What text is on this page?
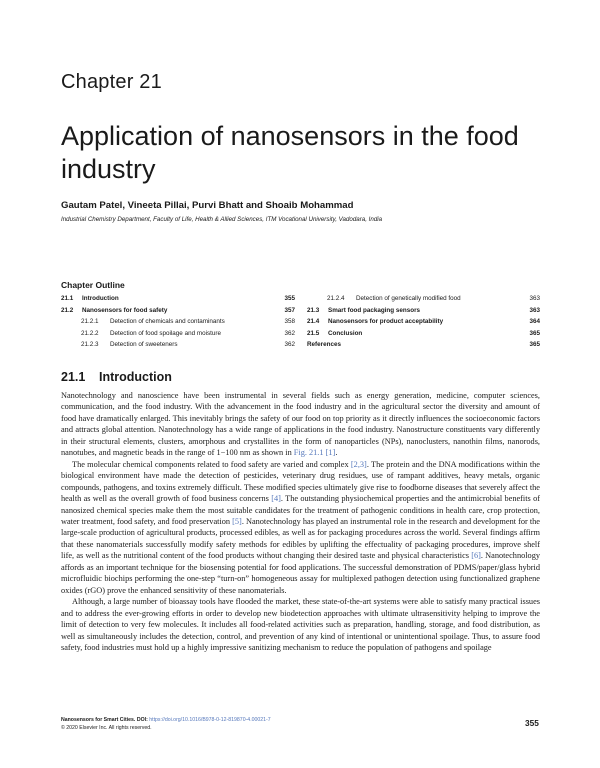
Chapter 21
Application of nanosensors in the food industry
Gautam Patel, Vineeta Pillai, Purvi Bhatt and Shoaib Mohammad
Industrial Chemistry Department, Faculty of Life, Health & Allied Sciences, ITM Vocational University, Vadodara, India
Chapter Outline
21.1	Introduction	355
21.2	Nanosensors for food safety	357
21.2.1	Detection of chemicals and contaminants	358
21.2.2	Detection of food spoilage and moisture	362
21.2.3	Detection of sweeteners	362
21.2.4	Detection of genetically modified food	363
21.3	Smart food packaging sensors	363
21.4	Nanosensors for product acceptability	364
21.5	Conclusion	365
References	365
21.1 Introduction

Nanotechnology and nanoscience have been instrumental in several fields such as energy generation, medicine, computer sciences, communication, and the food industry. With the advancement in the food industry and in the agricultural sector the diversity and amount of food have dramatically enlarged. This inevitably brings the safety of our food on top priority as it directly influences the socioeconomic factors and attracts global attention. Nanotechnology has a wide range of applications in the food industry. Nanostructure constituents vary differently in their structural elements, clusters, amorphous and crystallites in the form of nanoparticles (NPs), nanoclusters, nanothin films, nanorods, nanotubes, and magnetic beads in the range of 1−100 nm as shown in Fig. 21.1 [1].

The molecular chemical components related to food safety are varied and complex [2,3]. The protein and the DNA modifications within the biological environment have made the detection of pesticides, veterinary drug residues, use of rampant additives, heavy metals, organic compounds, pathogens, and toxins extremely difficult. These modified species ultimately give rise to foodborne diseases that severely affect the health as well as the overall growth of food business concerns [4]. The outstanding physiochemical properties and the antimicrobial benefits of nanosized chemical species make them the most suitable candidates for the treatment of pathogenic conditions in health care, crop protection, water treatment, food safety, and food preservation [5]. Nanotechnology has played an instrumental role in the research and development for the large-scale production of agricultural products, processed edibles, as well as for packaging procedures across the world. Several findings affirm that these nanomaterials successfully modify safety methods for edibles by uplifting the effectuality of packaging procedures, improve shelf life, as well as the nutritional content of the food products without changing their desired taste and physical characteristics [6]. Nanotechnology affords as an important technique for the biosensing potential for food applications. The successful demonstration of PDMS/paper/glass hybrid microfluidic biochips performing the one-step “turn-on” homogeneous assay for multiplexed pathogen detection using functionalized graphene oxides (rGO) prove the enhanced sensitivity of these nanomaterials.

Although, a large number of bioassay tools have flooded the market, these state-of-the-art systems were able to satisfy many practical issues and to address the ever-growing efforts in order to develop new biodetection approaches with ultimate ultrasensitivity helping to improve the limit of detection to very few molecules. It includes all food-related activities such as preparation, handling, storage, and food distribution, as well as simultaneously includes the detection, control, and prevention of any kind of intentional or unintentional spoilage. Thus, to assure food safety, food industries must hold up a highly impressive sanitizing mechanism to reduce the population of pathogens and spoilage

Nanosensors for Smart Cities. DOI: https://doi.org/10.1016/B978-0-12-819870-4.00021-7
© 2020 Elsevier Inc. All rights reserved.
355
